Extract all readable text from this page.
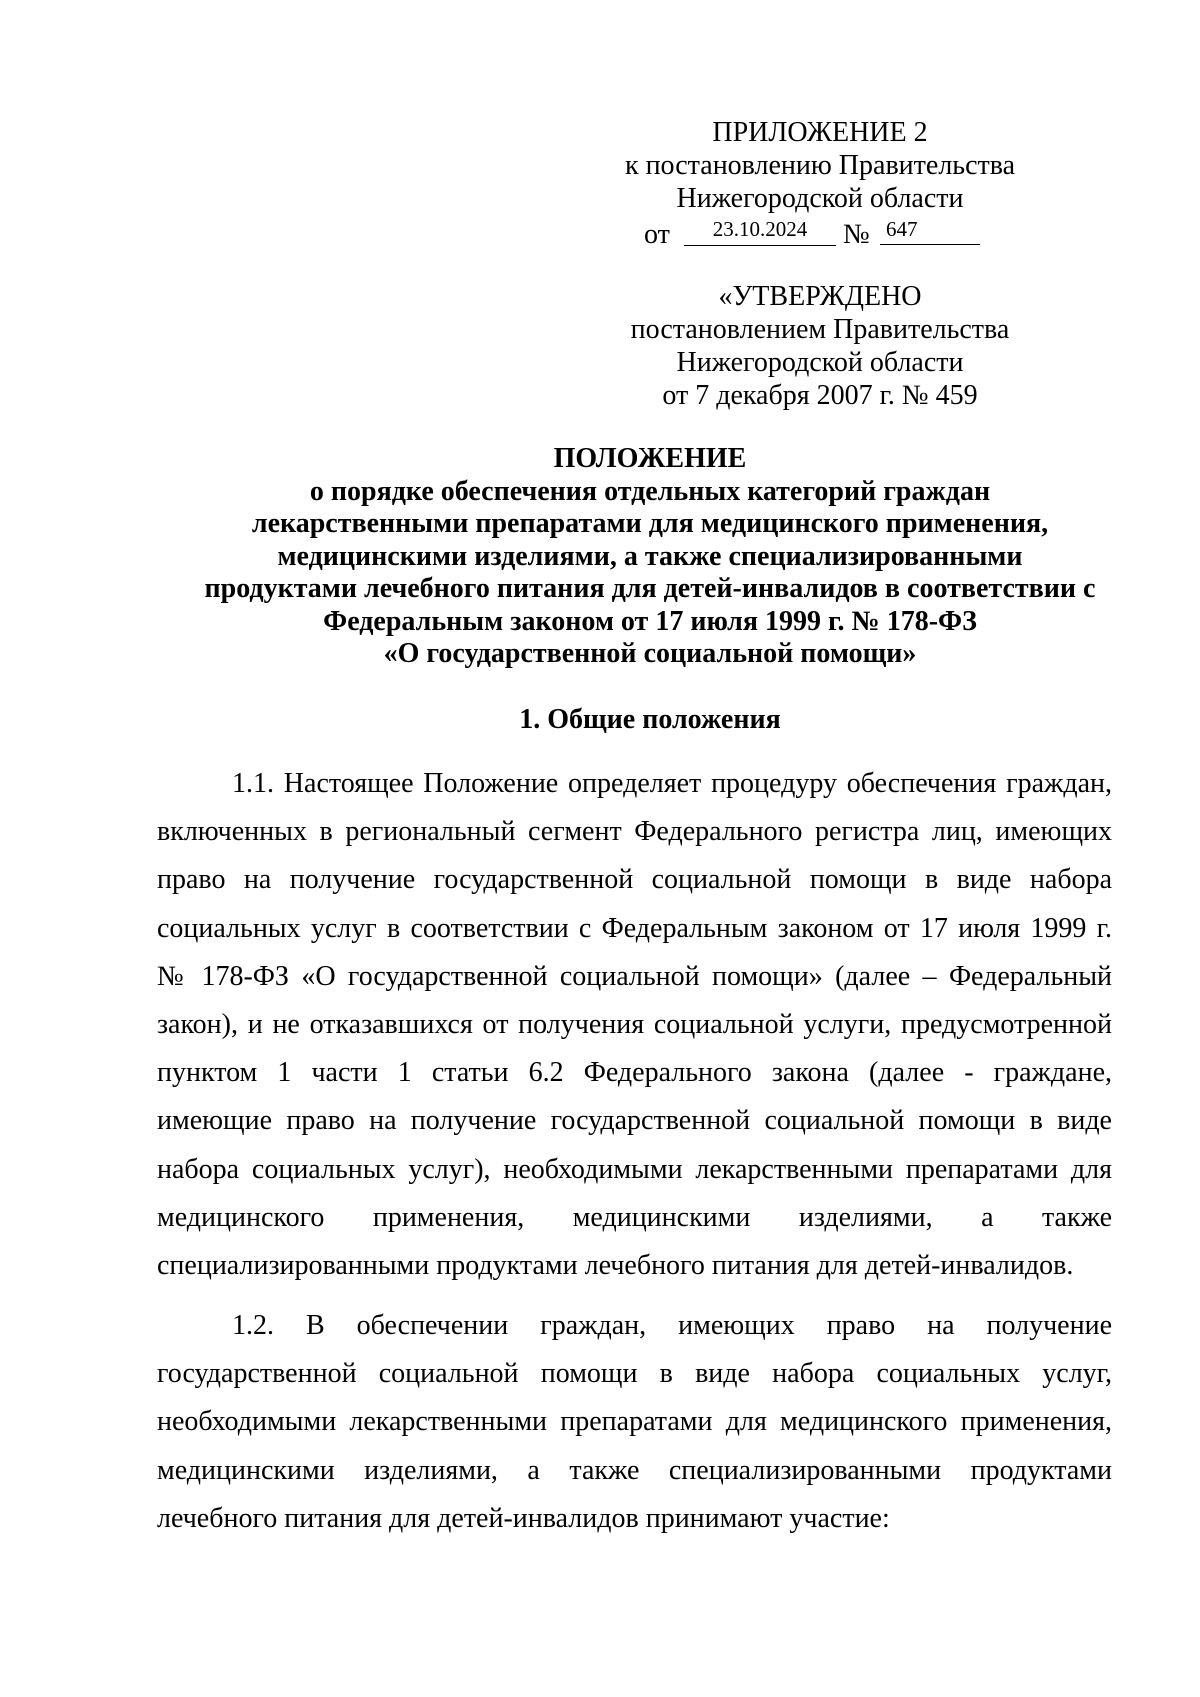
ПРИЛОЖЕНИЕ 2
к постановлению Правительства
Нижегородской области
от	23.10.2024	№ 647
«УТВЕРЖДЕНО
постановлением Правительства
Нижегородской области
от 7 декабря 2007 г. № 459
ПОЛОЖЕНИЕ
о порядке обеспечения отдельных категорий граждан
лекарственными препаратами для медицинского применения,
медицинскими изделиями, а также специализированными
продуктами лечебного питания для детей-инвалидов в соответствии с
Федеральным законом от 17 июля 1999 г. № 178-ФЗ
«О государственной социальной помощи»
1. Общие положения
1.1. Настоящее Положение определяет процедуру обеспечения граждан,
включенных в региональный сегмент Федерального регистра лиц, имеющих
право на получение государственной социальной помощи в виде набора
социальных услуг в соответствии с Федеральным законом от 17 июля 1999 г.
№ 178-ФЗ «О государственной социальной помощи» (далее – Федеральный
закон), и не отказавшихся от получения социальной услуги, предусмотренной
пунктом 1 части 1 статьи 6.2 Федерального закона (далее - граждане,
имеющие право на получение государственной социальной помощи в виде
набора социальных услуг), необходимыми лекарственными препаратами для
медицинского применения, медицинскими изделиями, а также
специализированными продуктами лечебного питания для детей-инвалидов.
1.2. В обеспечении граждан, имеющих право на получение
государственной социальной помощи в виде набора социальных услуг,
необходимыми лекарственными препаратами для медицинского применения,
медицинскими изделиями, а также специализированными продуктами
лечебного питания для детей-инвалидов принимают участие:
